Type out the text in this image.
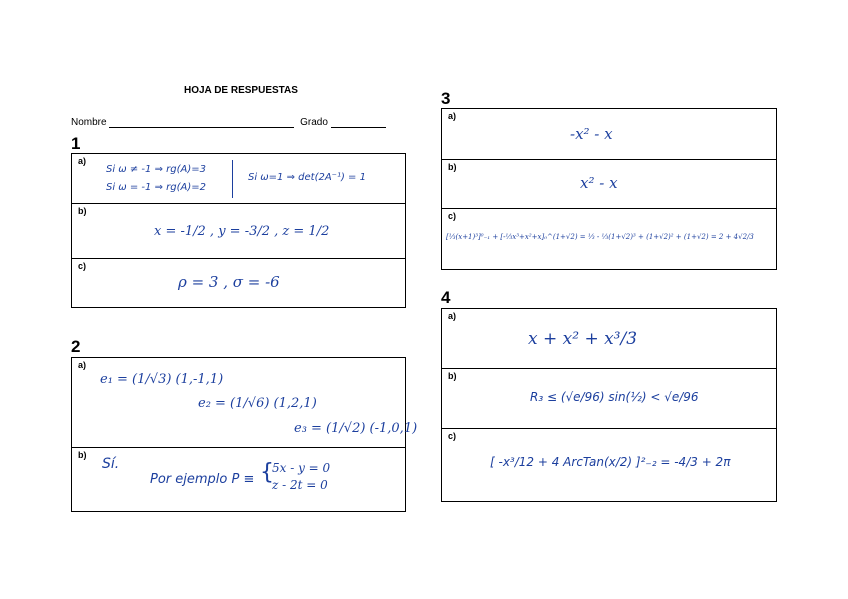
HOJA DE RESPUESTAS
Nombre	Grado
1
a)
Si ω ≠ -1 ⇒ rg(A)=3
Si ω = -1 ⇒ rg(A)=2
Si ω=1 ⇒ det(2A⁻¹) = 1
b)
x = -1/2 , y = -3/2 , z = 1/2
c)
ρ = 3 , σ = -6
2
a)
e₁ = (1/√3) (1,-1,1)
e₂ = (1/√6) (1,2,1)
e₃ = (1/√2) (-1,0,1)
b)
Sí.
Por ejemplo P ≡ {
5x - y = 0
z - 2t = 0
3
a)
-x² - x
b)
x² - x
c)
[⅓(x+1)³]⁰₋₁ + [-⅓x³+x²+x]₀^(1+√2) = ⅓ - ⅓(1+√2)³ + (1+√2)² + (1+√2) = 2 + 4√2/3
4
a)
x + x² + x³/3
b)
R₃ ≤ (√e/96) sin(½) < √e/96
c)
[ -x³/12 + 4 ArcTan(x/2) ]²₋₂ = -4/3 + 2π
